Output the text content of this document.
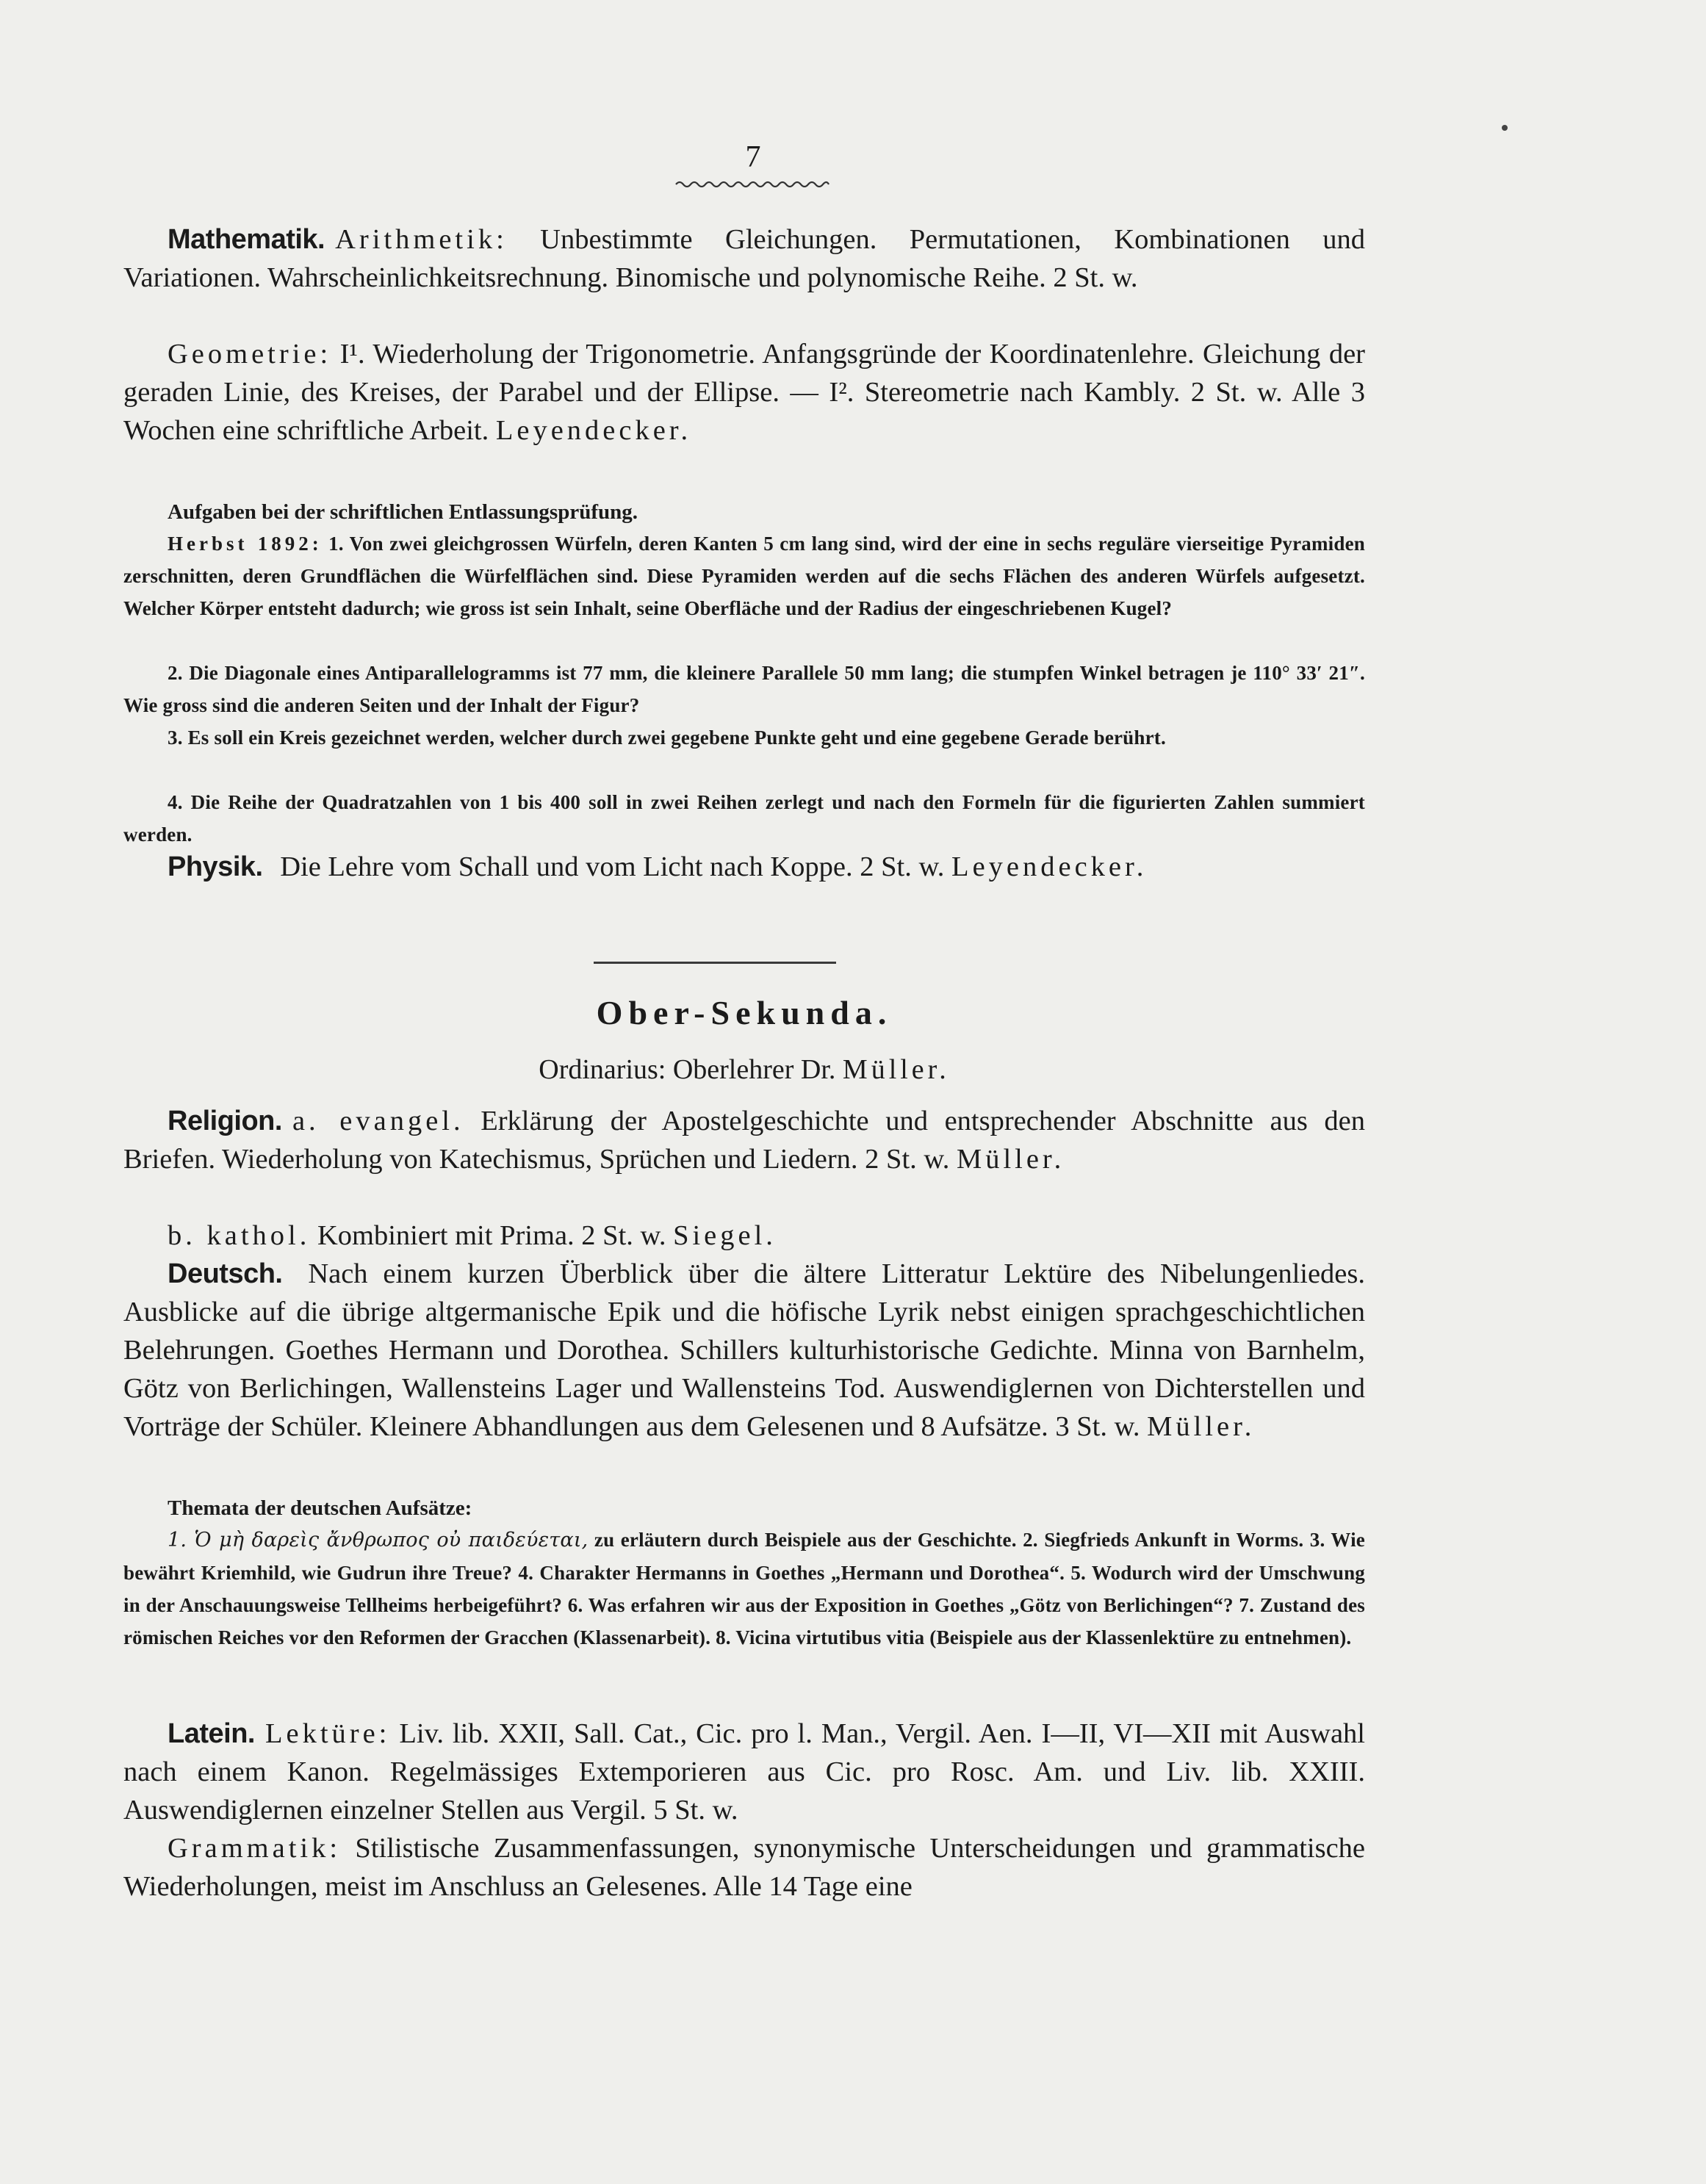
7
Mathematik. Arithmetik: Unbestimmte Gleichungen. Permutationen, Kombinationen und Variationen. Wahrscheinlichkeitsrechnung. Binomische und polynomische Reihe. 2 St. w.
Geometrie: I¹. Wiederholung der Trigonometrie. Anfangsgründe der Koordinatenlehre. Gleichung der geraden Linie, des Kreises, der Parabel und der Ellipse. — I². Stereometrie nach Kambly. 2 St. w. Alle 3 Wochen eine schriftliche Arbeit. Leyendecker.
Aufgaben bei der schriftlichen Entlassungsprüfung.
Herbst 1892: 1. Von zwei gleichgrossen Würfeln, deren Kanten 5 cm lang sind, wird der eine in sechs reguläre vierseitige Pyramiden zerschnitten, deren Grundflächen die Würfelflächen sind. Diese Pyramiden werden auf die sechs Flächen des anderen Würfels aufgesetzt. Welcher Körper entsteht dadurch; wie gross ist sein Inhalt, seine Oberfläche und der Radius der eingeschriebenen Kugel?
2. Die Diagonale eines Antiparallelogramms ist 77 mm, die kleinere Parallele 50 mm lang; die stumpfen Winkel betragen je 110° 33′ 21″. Wie gross sind die anderen Seiten und der Inhalt der Figur?
3. Es soll ein Kreis gezeichnet werden, welcher durch zwei gegebene Punkte geht und eine gegebene Gerade berührt.
4. Die Reihe der Quadratzahlen von 1 bis 400 soll in zwei Reihen zerlegt und nach den Formeln für die figurierten Zahlen summiert werden.
Physik. Die Lehre vom Schall und vom Licht nach Koppe. 2 St. w. Leyendecker.
Ober-Sekunda.
Ordinarius: Oberlehrer Dr. Müller.
Religion. a. evangel. Erklärung der Apostelgeschichte und entsprechender Abschnitte aus den Briefen. Wiederholung von Katechismus, Sprüchen und Liedern. 2 St. w. Müller.
b. kathol. Kombiniert mit Prima. 2 St. w. Siegel.
Deutsch. Nach einem kurzen Überblick über die ältere Litteratur Lektüre des Nibelungenliedes. Ausblicke auf die übrige altgermanische Epik und die höfische Lyrik nebst einigen sprachgeschichtlichen Belehrungen. Goethes Hermann und Dorothea. Schillers kulturhistorische Gedichte. Minna von Barnhelm, Götz von Berlichingen, Wallensteins Lager und Wallensteins Tod. Auswendiglernen von Dichterstellen und Vorträge der Schüler. Kleinere Abhandlungen aus dem Gelesenen und 8 Aufsätze. 3 St. w. Müller.
Themata der deutschen Aufsätze:
1. Ὁ μὴ δαρεὶς ἄνθρωπος οὐ παιδεύεται, zu erläutern durch Beispiele aus der Geschichte. 2. Siegfrieds Ankunft in Worms. 3. Wie bewährt Kriemhild, wie Gudrun ihre Treue? 4. Charakter Hermanns in Goethes „Hermann und Dorothea“. 5. Wodurch wird der Umschwung in der Anschauungsweise Tellheims herbeigeführt? 6. Was erfahren wir aus der Exposition in Goethes „Götz von Berlichingen“? 7. Zustand des römischen Reiches vor den Reformen der Gracchen (Klassenarbeit). 8. Vicina virtutibus vitia (Beispiele aus der Klassenlektüre zu entnehmen).
Latein. Lektüre: Liv. lib. XXII, Sall. Cat., Cic. pro l. Man., Vergil. Aen. I—II, VI—XII mit Auswahl nach einem Kanon. Regelmässiges Extemporieren aus Cic. pro Rosc. Am. und Liv. lib. XXIII. Auswendiglernen einzelner Stellen aus Vergil. 5 St. w.
Grammatik: Stilistische Zusammenfassungen, synonymische Unterscheidungen und grammatische Wiederholungen, meist im Anschluss an Gelesenes. Alle 14 Tage eine
